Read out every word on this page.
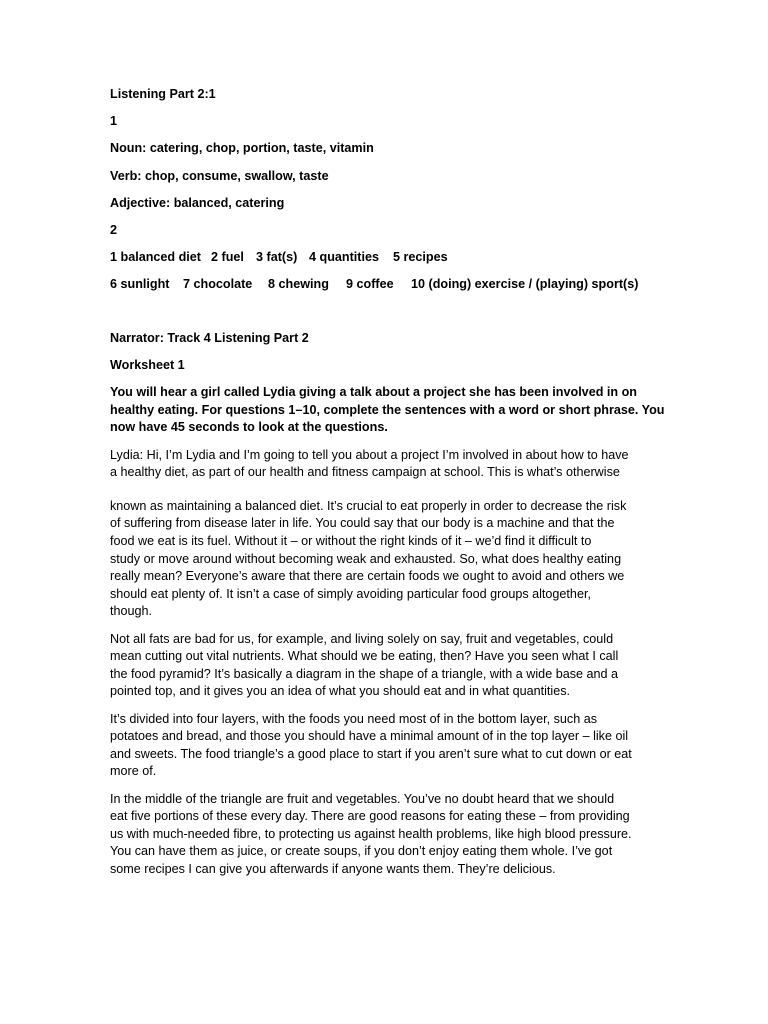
Listening Part 2:1

1

Noun: catering, chop, portion, taste, vitamin

Verb: chop, consume, swallow, taste

Adjective: balanced, catering

2

1 balanced diet 2 fuel 3 fat(s) 4 quantities 5 recipes

6 sunlight 7 chocolate 8 chewing 9 coffee 10 (doing) exercise / (playing) sport(s)

Narrator: Track 4 Listening Part 2

Worksheet 1

You will hear a girl called Lydia giving a talk about a project she has been involved in on

healthy eating. For questions 1–10, complete the sentences with a word or short phrase. You

now have 45 seconds to look at the questions.

Lydia: Hi, I’m Lydia and I’m going to tell you about a project I’m involved in about how to have

a healthy diet, as part of our health and fitness campaign at school. This is what’s otherwise

known as maintaining a balanced diet. It’s crucial to eat properly in order to decrease the risk

of suffering from disease later in life. You could say that our body is a machine and that the

food we eat is its fuel. Without it – or without the right kinds of it – we’d find it difficult to

study or move around without becoming weak and exhausted. So, what does healthy eating

really mean? Everyone’s aware that there are certain foods we ought to avoid and others we

should eat plenty of. It isn’t a case of simply avoiding particular food groups altogether,

though.

Not all fats are bad for us, for example, and living solely on say, fruit and vegetables, could

mean cutting out vital nutrients. What should we be eating, then? Have you seen what I call

the food pyramid? It’s basically a diagram in the shape of a triangle, with a wide base and a

pointed top, and it gives you an idea of what you should eat and in what quantities.

It’s divided into four layers, with the foods you need most of in the bottom layer, such as

potatoes and bread, and those you should have a minimal amount of in the top layer – like oil

and sweets. The food triangle’s a good place to start if you aren’t sure what to cut down or eat

more of.

In the middle of the triangle are fruit and vegetables. You’ve no doubt heard that we should

eat five portions of these every day. There are good reasons for eating these – from providing

us with much-needed fibre, to protecting us against health problems, like high blood pressure.

You can have them as juice, or create soups, if you don’t enjoy eating them whole. I’ve got

some recipes I can give you afterwards if anyone wants them. They’re delicious.
